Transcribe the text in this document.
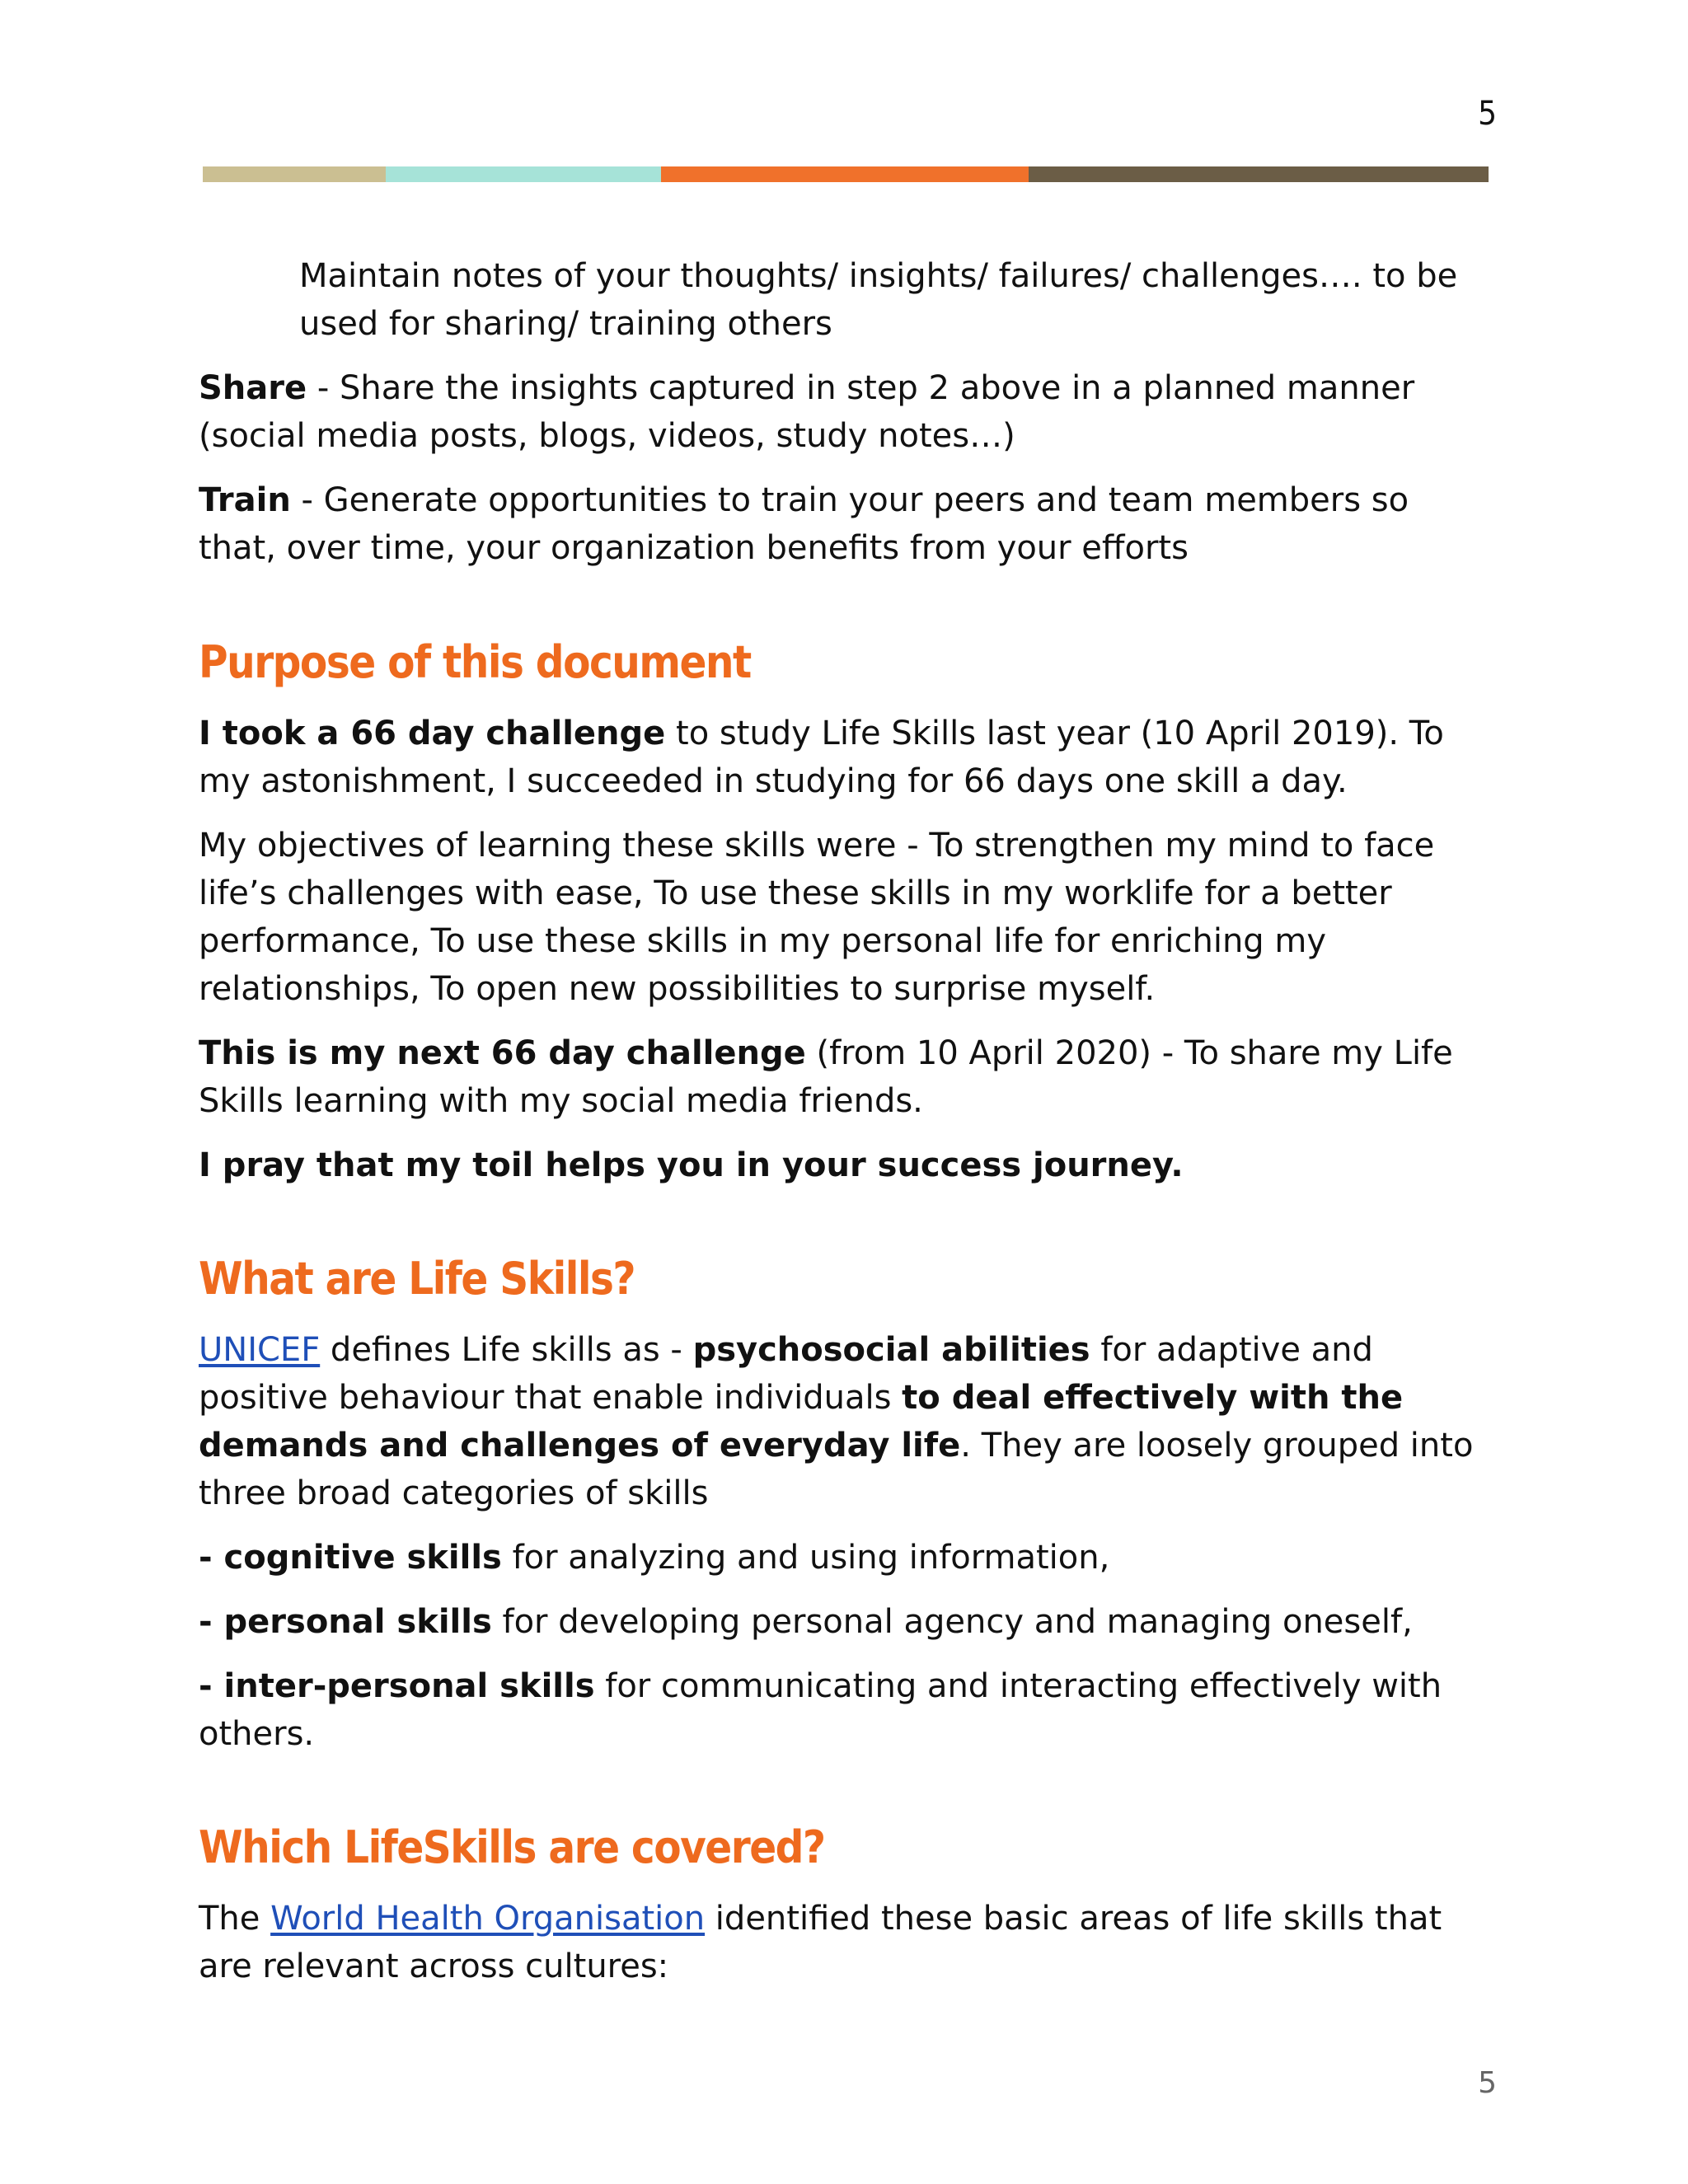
5

Maintain notes of your thoughts/ insights/ failures/ challenges…. to be used for sharing/ training others

Share - Share the insights captured in step 2 above in a planned manner (social media posts, blogs, videos, study notes…)

Train - Generate opportunities to train your peers and team members so that, over time, your organization benefits from your efforts

Purpose of this document

I took a 66 day challenge to study Life Skills last year (10 April 2019). To my astonishment, I succeeded in studying for 66 days one skill a day.

My objectives of learning these skills were - To strengthen my mind to face life’s challenges with ease, To use these skills in my worklife for a better performance, To use these skills in my personal life for enriching my relationships, To open new possibilities to surprise myself.

This is my next 66 day challenge (from 10 April 2020) - To share my Life Skills learning with my social media friends.

I pray that my toil helps you in your success journey.

What are Life Skills?

UNICEF defines Life skills as - psychosocial abilities for adaptive and positive behaviour that enable individuals to deal effectively with the demands and challenges of everyday life. They are loosely grouped into three broad categories of skills

- cognitive skills for analyzing and using information,

- personal skills for developing personal agency and managing oneself,

- inter-personal skills for communicating and interacting effectively with others.

Which LifeSkills are covered?

The World Health Organisation identified these basic areas of life skills that are relevant across cultures:

5
